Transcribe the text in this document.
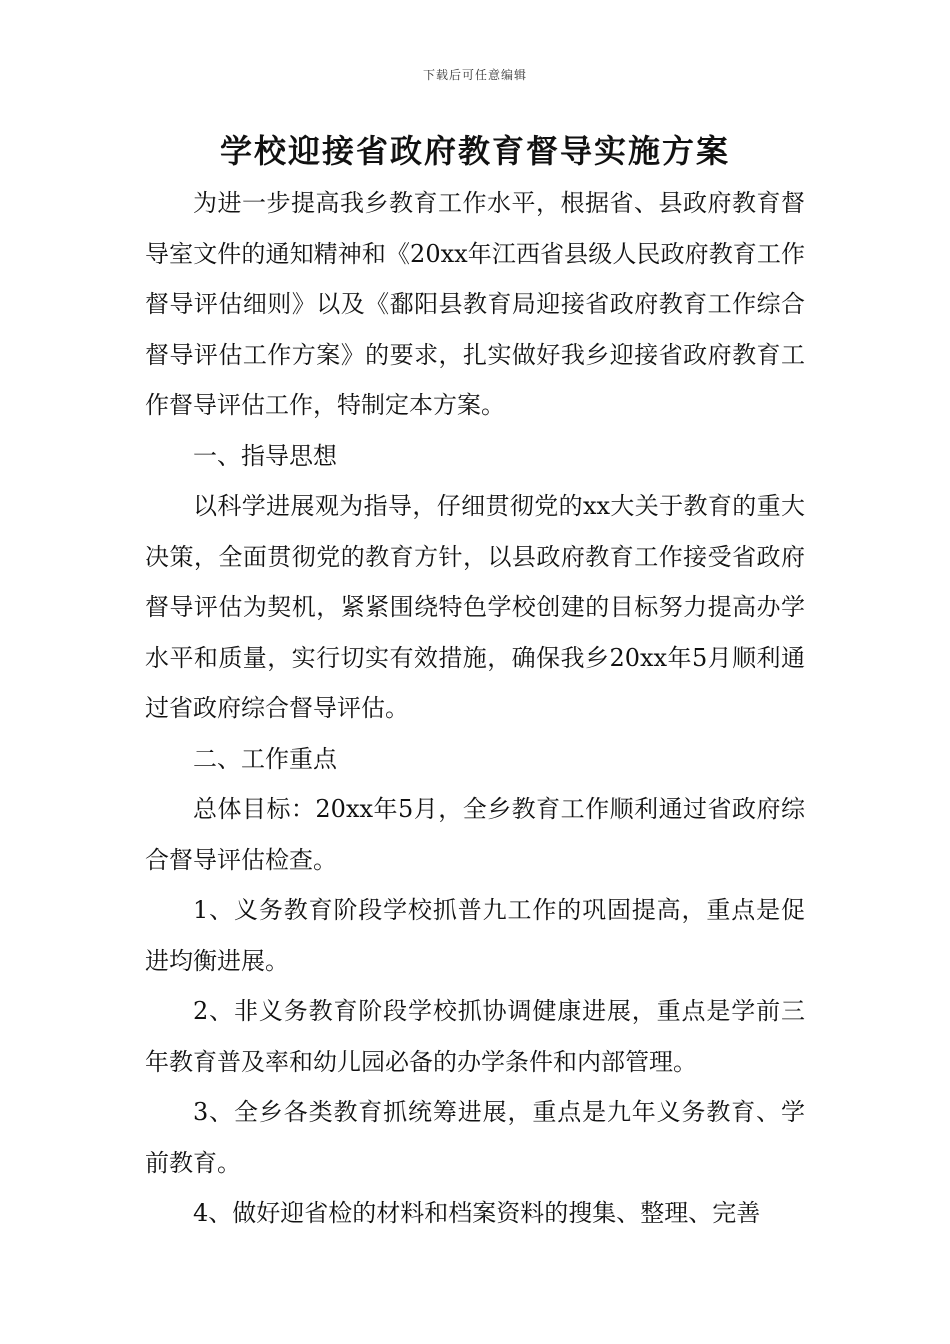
下载后可任意编辑
学校迎接省政府教育督导实施方案

为进一步提高我乡教育工作水平，根据省、县政府教育督导室文件的通知精神和《20xx年江西省县级人民政府教育工作督导评估细则》以及《鄱阳县教育局迎接省政府教育工作综合督导评估工作方案》的要求，扎实做好我乡迎接省政府教育工作督导评估工作，特制定本方案。

一、指导思想

以科学进展观为指导，仔细贯彻党的xx大关于教育的重大决策，全面贯彻党的教育方针，以县政府教育工作接受省政府督导评估为契机，紧紧围绕特色学校创建的目标努力提高办学水平和质量，实行切实有效措施，确保我乡20xx年5月顺利通过省政府综合督导评估。

二、工作重点

总体目标：20xx年5月，全乡教育工作顺利通过省政府综合督导评估检查。

1、义务教育阶段学校抓普九工作的巩固提高，重点是促进均衡进展。

2、非义务教育阶段学校抓协调健康进展，重点是学前三年教育普及率和幼儿园必备的办学条件和内部管理。

3、全乡各类教育抓统筹进展，重点是九年义务教育、学前教育。

4、做好迎省检的材料和档案资料的搜集、整理、完善
